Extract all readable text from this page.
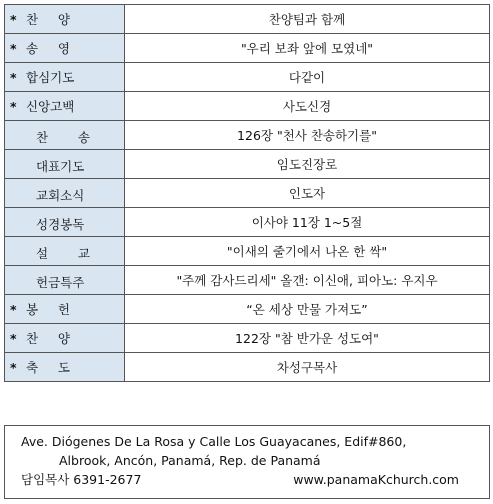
* 찬 양	찬양팀과 함께

* 송 영	"우리 보좌 앞에 모였네"

* 합심기도	다같이

* 신앙고백	사도신경

찬 송	126장 "천사 찬송하기를"

대표기도	임도진장로

교회소식	인도자

성경봉독	이사야 11장 1~5절

설 교	"이새의 줄기에서 나온 한 싹"

헌금특주	"주께 감사드리세" 올갠: 이신애, 피아노: 우지우

* 봉 헌	“온 세상 만물 가져도”

* 찬 양	122장 "참 반가운 성도여"

* 축 도	차성구목사
Ave. Diógenes De La Rosa y Calle Los Guayacanes, Edif#860,
Albrook, Ancón, Panamá, Rep. de Panamá
담임목사 6391-2677	www.panamaKchurch.com
